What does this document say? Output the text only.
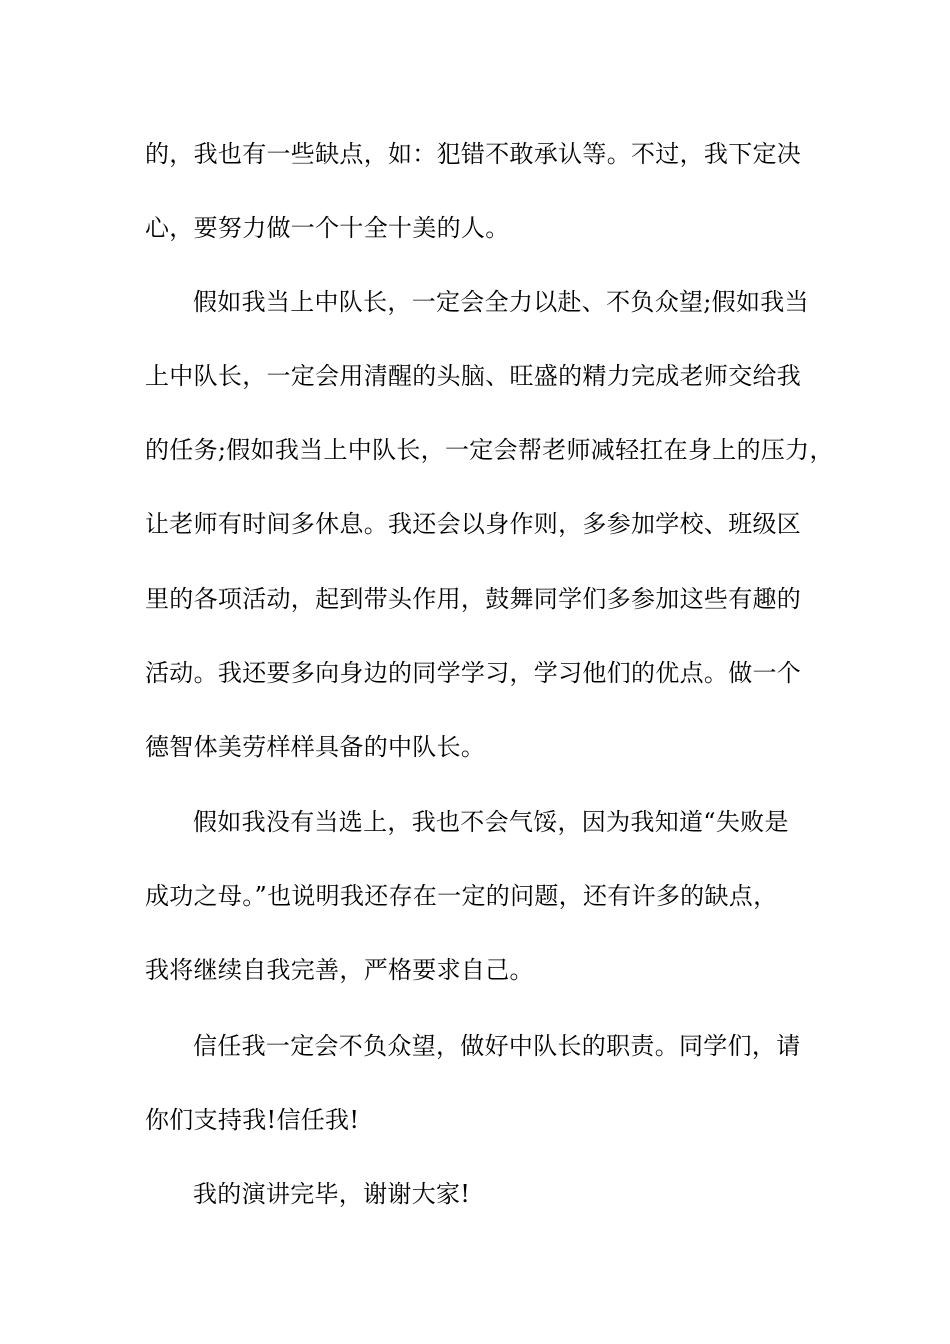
的，我也有一些缺点，如：犯错不敢承认等。不过，我下定决
心，要努力做一个十全十美的人。
假如我当上中队长，一定会全力以赴、不负众望;假如我当
上中队长，一定会用清醒的头脑、旺盛的精力完成老师交给我
的任务;假如我当上中队长，一定会帮老师减轻扛在身上的压力，
让老师有时间多休息。我还会以身作则，多参加学校、班级区
里的各项活动，起到带头作用，鼓舞同学们多参加这些有趣的
活动。我还要多向身边的同学学习，学习他们的优点。做一个
德智体美劳样样具备的中队长。
假如我没有当选上，我也不会气馁，因为我知道“失败是
成功之母。”也说明我还存在一定的问题，还有许多的缺点，
我将继续自我完善，严格要求自己。
信任我一定会不负众望，做好中队长的职责。同学们，请
你们支持我!信任我!
我的演讲完毕，谢谢大家!
